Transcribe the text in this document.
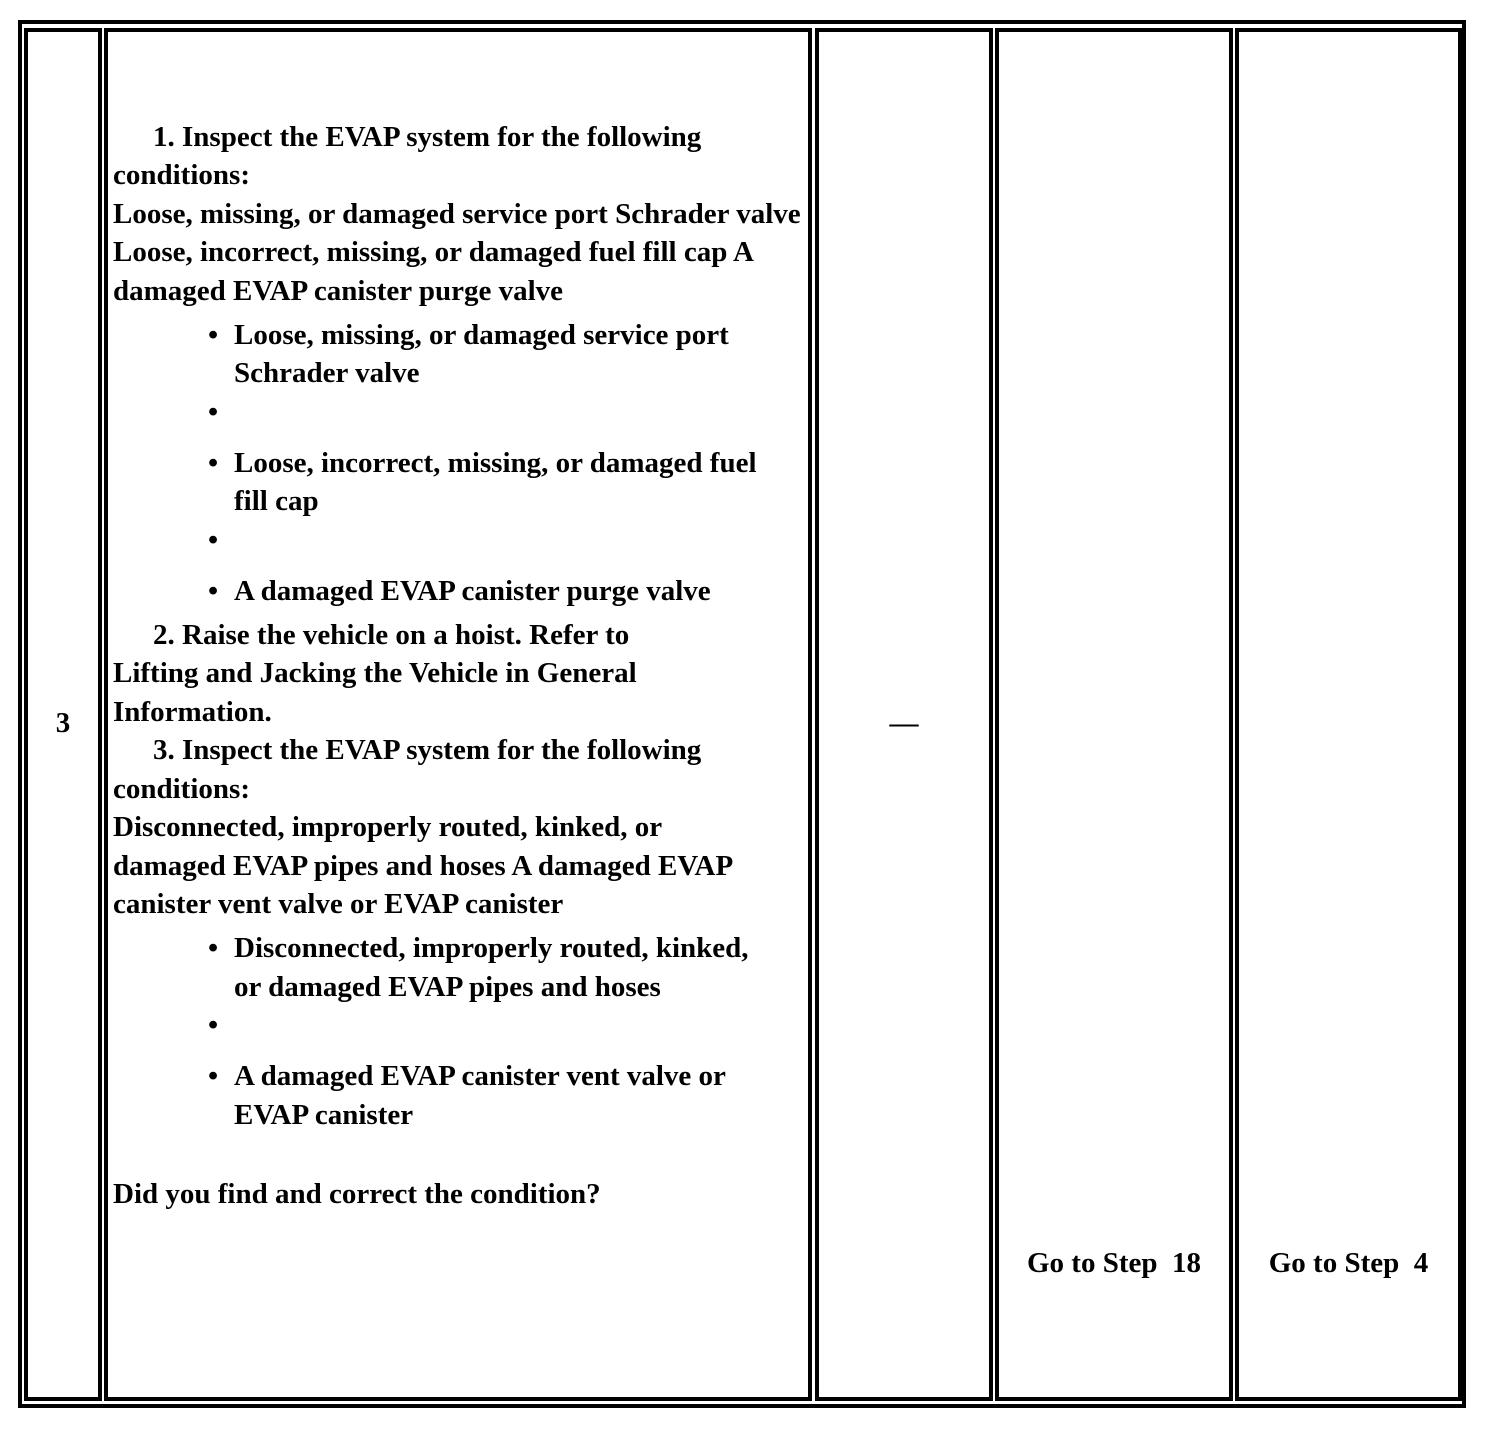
3
1. Inspect the EVAP system for the following
conditions:
Loose, missing, or damaged service port Schrader valve Loose, incorrect, missing, or damaged fuel fill cap A damaged EVAP canister purge valve
• Loose, missing, or damaged service port Schrader valve
•
• Loose, incorrect, missing, or damaged fuel fill cap
•
• A damaged EVAP canister purge valve
2. Raise the vehicle on a hoist. Refer to
Lifting and Jacking the Vehicle in General Information.
3. Inspect the EVAP system for the following
conditions:
Disconnected, improperly routed, kinked, or damaged EVAP pipes and hoses A damaged EVAP canister vent valve or EVAP canister
• Disconnected, improperly routed, kinked, or damaged EVAP pipes and hoses
•
• A damaged EVAP canister vent valve or EVAP canister
Did you find and correct the condition?
—
Go to Step  18	Go to Step  4
